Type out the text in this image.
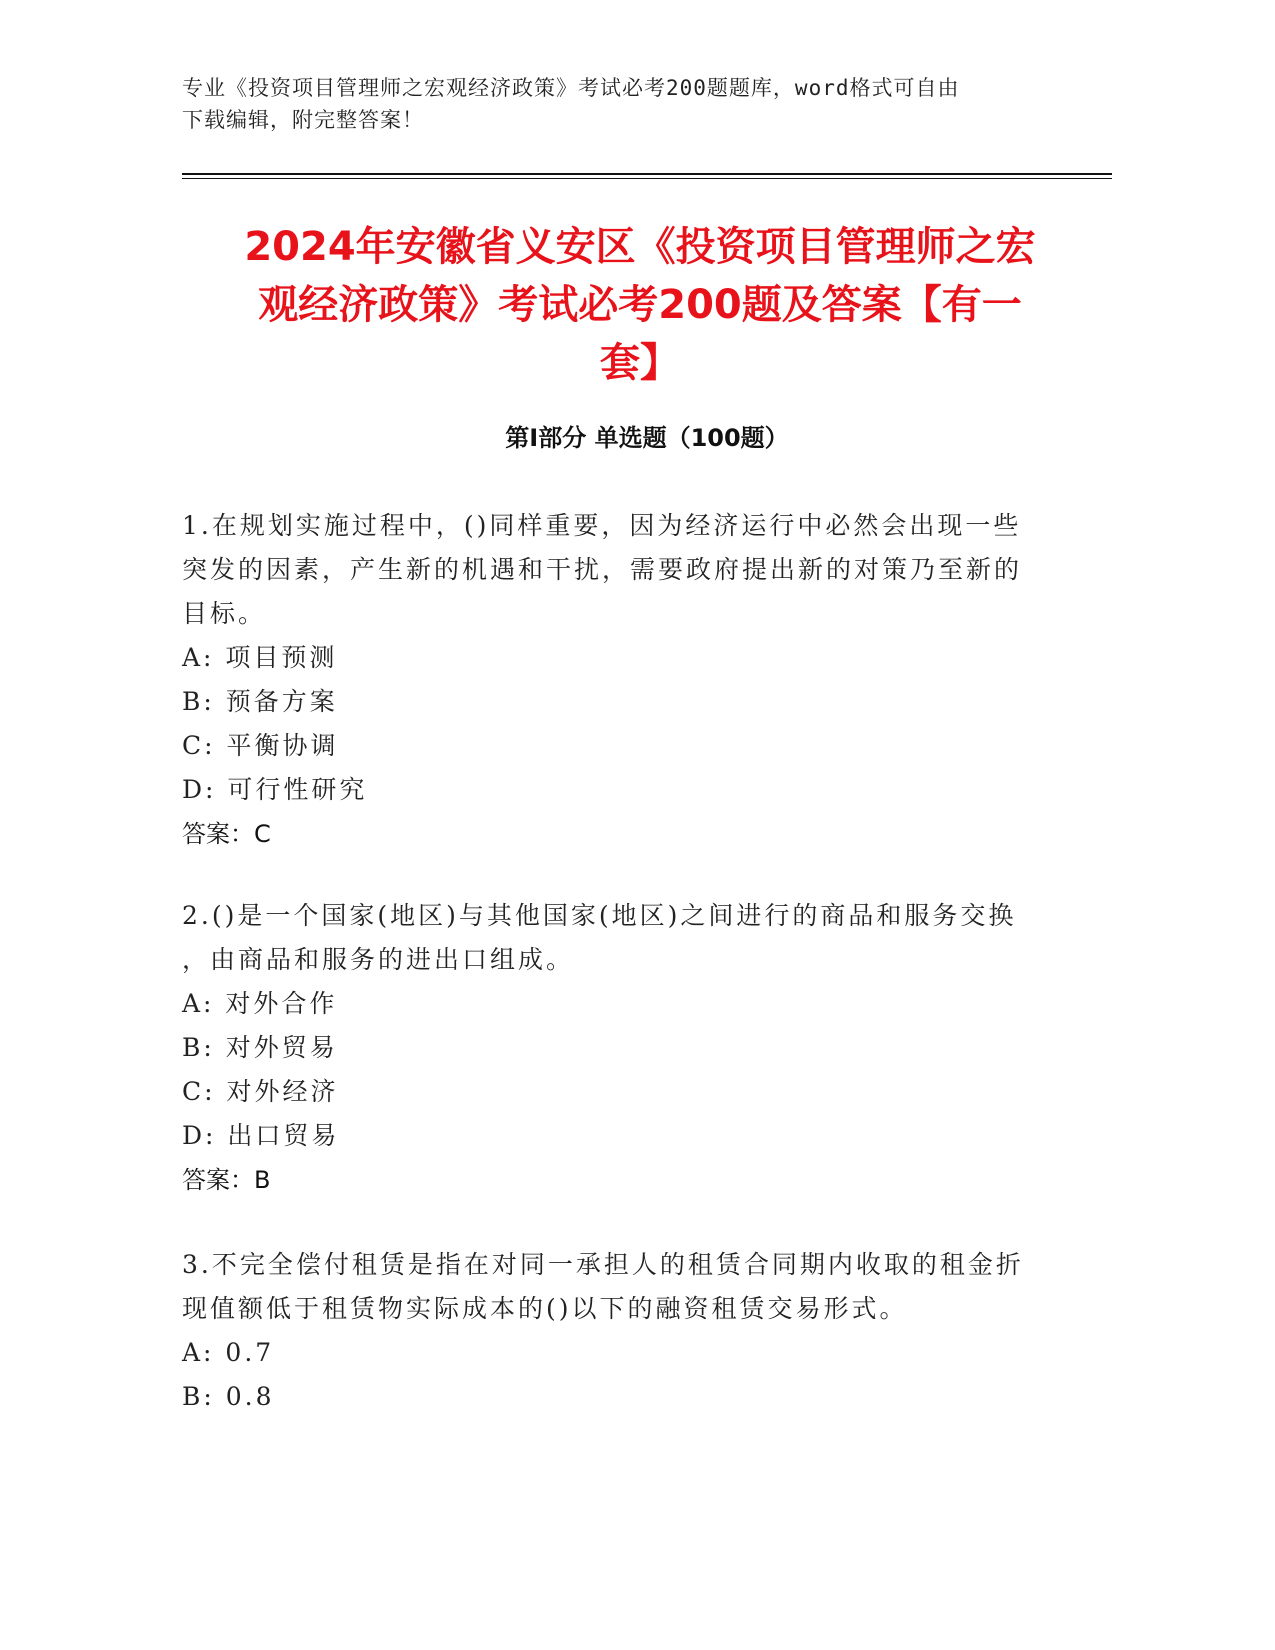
专业《投资项目管理师之宏观经济政策》考试必考200题题库，word格式可自由
下载编辑，附完整答案！
2024年安徽省义安区《投资项目管理师之宏
观经济政策》考试必考200题及答案【有一
套】
第Ⅰ部分 单选题（100题）

1.在规划实施过程中，()同样重要，因为经济运行中必然会出现一些

突发的因素，产生新的机遇和干扰，需要政府提出新的对策乃至新的

目标。

A: 项目预测

B: 预备方案

C: 平衡协调

D: 可行性研究

答案：C

2.()是一个国家(地区)与其他国家(地区)之间进行的商品和服务交换

，由商品和服务的进出口组成。

A: 对外合作

B: 对外贸易

C: 对外经济

D: 出口贸易

答案：B

3.不完全偿付租赁是指在对同一承担人的租赁合同期内收取的租金折

现值额低于租赁物实际成本的()以下的融资租赁交易形式。

A: 0.7

B: 0.8
